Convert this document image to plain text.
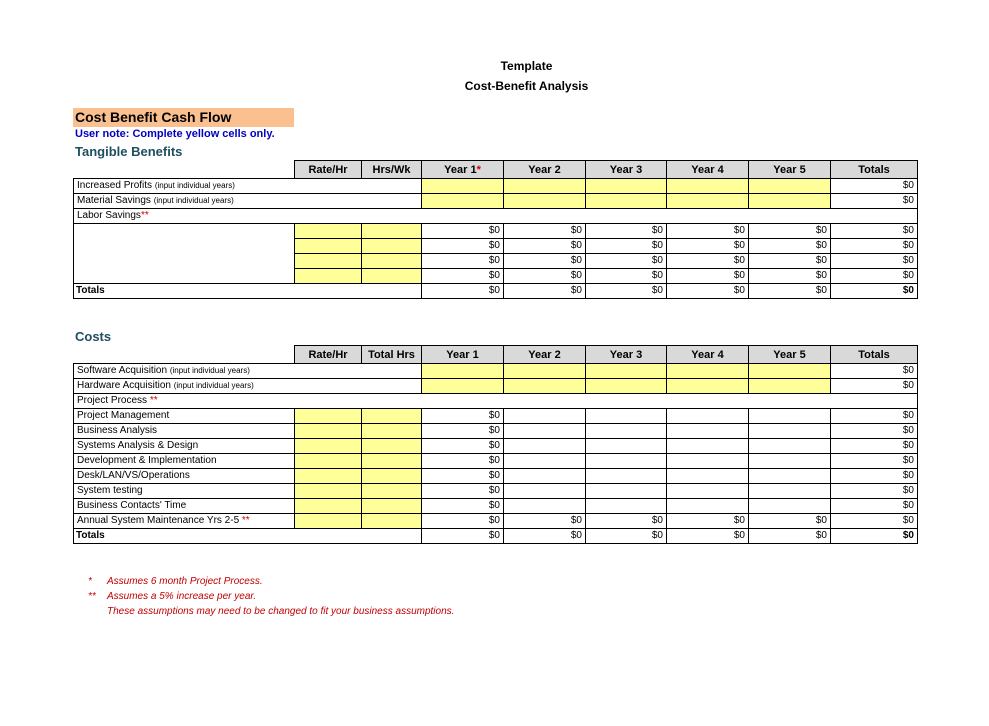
Template
Cost-Benefit Analysis
Cost Benefit Cash Flow
User note: Complete yellow cells only.
Tangible Benefits
	Rate/Hr	Hrs/Wk	Year 1*	Year 2	Year 3	Year 4	Year 5	Totals
Increased Profits (input individual years)								$0
Material Savings (input individual years)								$0
Labor Savings**								
			$0	$0	$0	$0	$0	$0
			$0	$0	$0	$0	$0	$0
			$0	$0	$0	$0	$0	$0
			$0	$0	$0	$0	$0	$0
Totals			$0	$0	$0	$0	$0	$0
Costs
	Rate/Hr	Total Hrs	Year 1	Year 2	Year 3	Year 4	Year 5	Totals
Software Acquisition (input individual years)								$0
Hardware Acquisition (input individual years)								$0
Project Process **								
Project Management			$0					$0
Business Analysis			$0					$0
Systems Analysis & Design			$0					$0
Development & Implementation			$0					$0
Desk/LAN/VS/Operations			$0					$0
System testing			$0					$0
Business Contacts' Time			$0					$0
Annual System Maintenance Yrs 2-5 **			$0	$0	$0	$0	$0	$0
Totals			$0	$0	$0	$0	$0	$0
* Assumes 6 month Project Process.
** Assumes a 5% increase per year.
These assumptions may need to be changed to fit your business assumptions.
